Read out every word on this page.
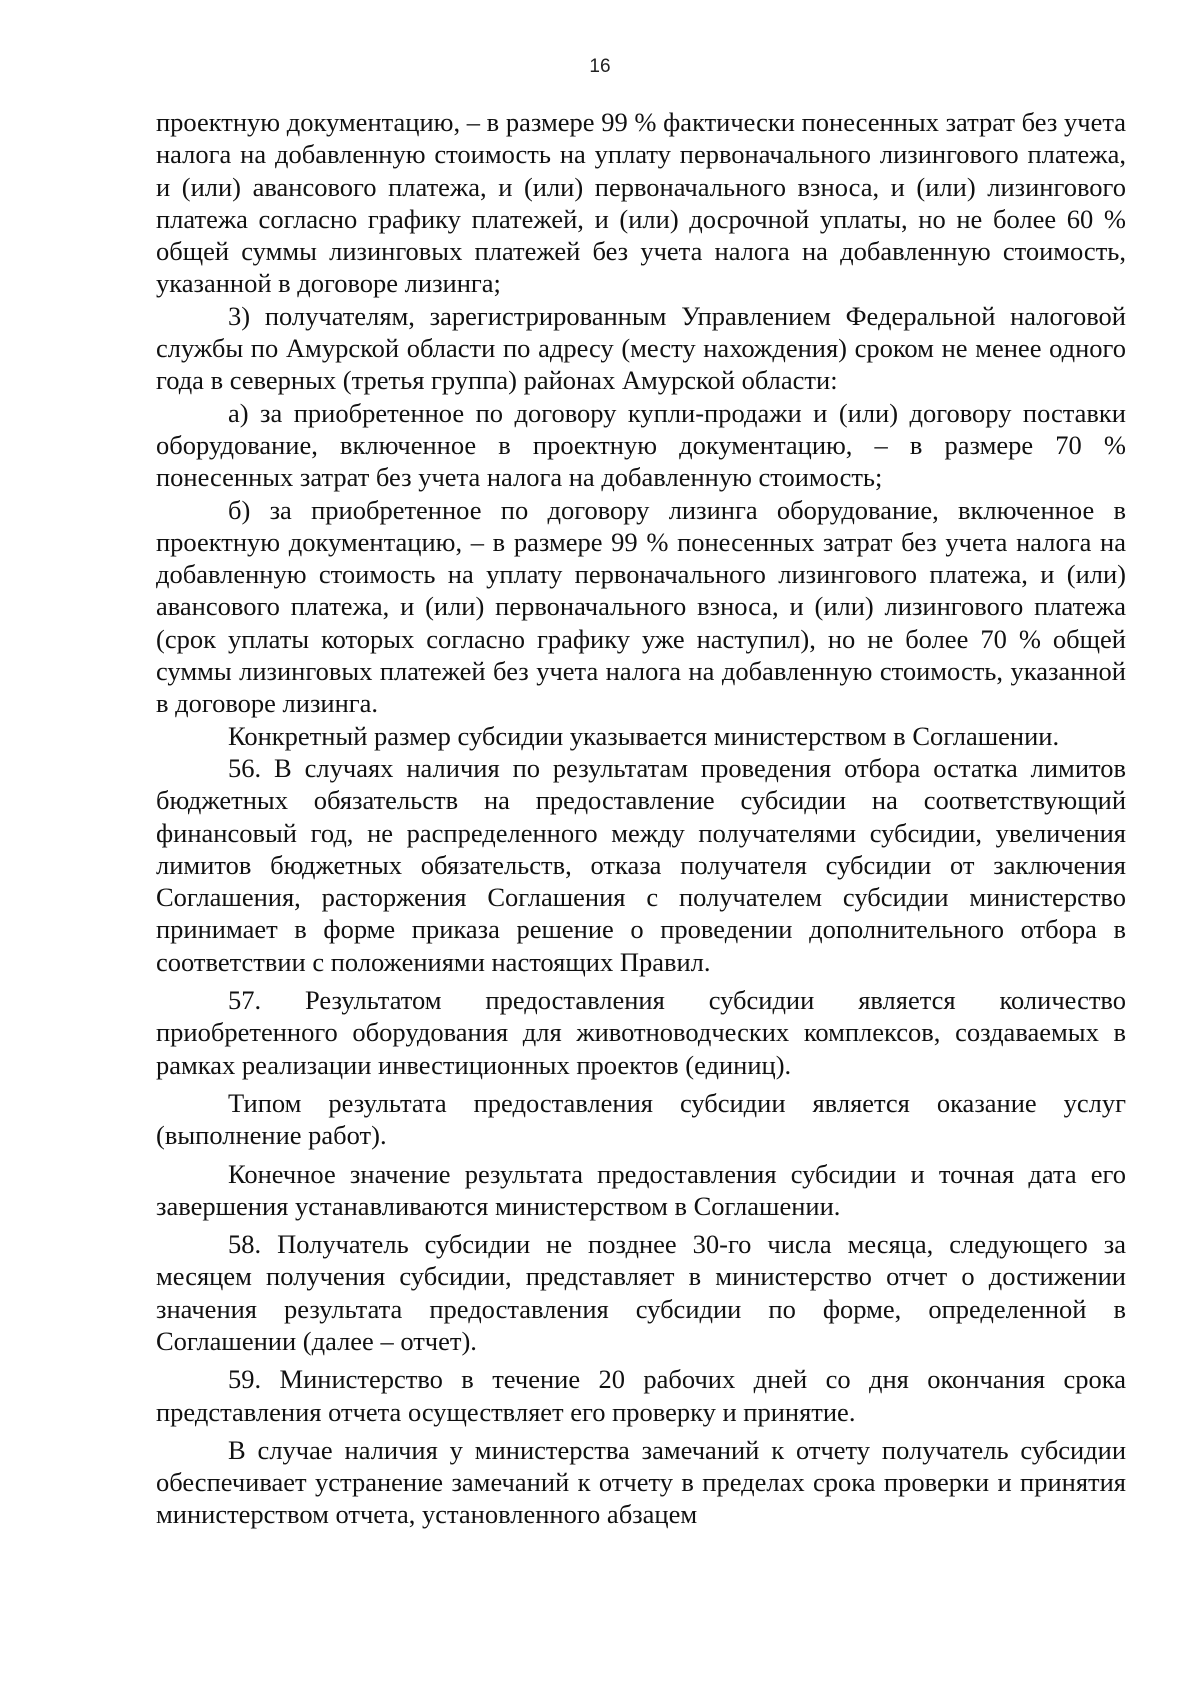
16

проектную документацию, – в размере 99 % фактически понесенных затрат без учета налога на добавленную стоимость на уплату первоначального лизингового платежа, и (или) авансового платежа, и (или) первоначального взноса, и (или) лизингового платежа согласно графику платежей, и (или) досрочной уплаты, но не более 60 % общей суммы лизинговых платежей без учета налога на добавленную стоимость, указанной в договоре лизинга;

3) получателям, зарегистрированным Управлением Федеральной налоговой службы по Амурской области по адресу (месту нахождения) сроком не менее одного года в северных (третья группа) районах Амурской области:

а) за приобретенное по договору купли-продажи и (или) договору поставки оборудование, включенное в проектную документацию, – в размере 70 % понесенных затрат без учета налога на добавленную стоимость;

б) за приобретенное по договору лизинга оборудование, включенное в проектную документацию, – в размере 99 % понесенных затрат без учета налога на добавленную стоимость на уплату первоначального лизингового платежа, и (или) авансового платежа, и (или) первоначального взноса, и (или) лизингового платежа (срок уплаты которых согласно графику уже наступил), но не более 70 % общей суммы лизинговых платежей без учета налога на добавленную стоимость, указанной в договоре лизинга.

Конкретный размер субсидии указывается министерством в Соглашении.

56. В случаях наличия по результатам проведения отбора остатка лимитов бюджетных обязательств на предоставление субсидии на соответствующий финансовый год, не распределенного между получателями субсидии, увеличения лимитов бюджетных обязательств, отказа получателя субсидии от заключения Соглашения, расторжения Соглашения с получателем субсидии министерство принимает в форме приказа решение о проведении дополнительного отбора в соответствии с положениями настоящих Правил.

57. Результатом предоставления субсидии является количество приобретенного оборудования для животноводческих комплексов, создаваемых в рамках реализации инвестиционных проектов (единиц).

Типом результата предоставления субсидии является оказание услуг (выполнение работ).

Конечное значение результата предоставления субсидии и точная дата его завершения устанавливаются министерством в Соглашении.

58. Получатель субсидии не позднее 30-го числа месяца, следующего за месяцем получения субсидии, представляет в министерство отчет о достижении значения результата предоставления субсидии по форме, определенной в Соглашении (далее – отчет).

59. Министерство в течение 20 рабочих дней со дня окончания срока представления отчета осуществляет его проверку и принятие.

В случае наличия у министерства замечаний к отчету получатель субсидии обеспечивает устранение замечаний к отчету в пределах срока проверки и принятия министерством отчета, установленного абзацем
